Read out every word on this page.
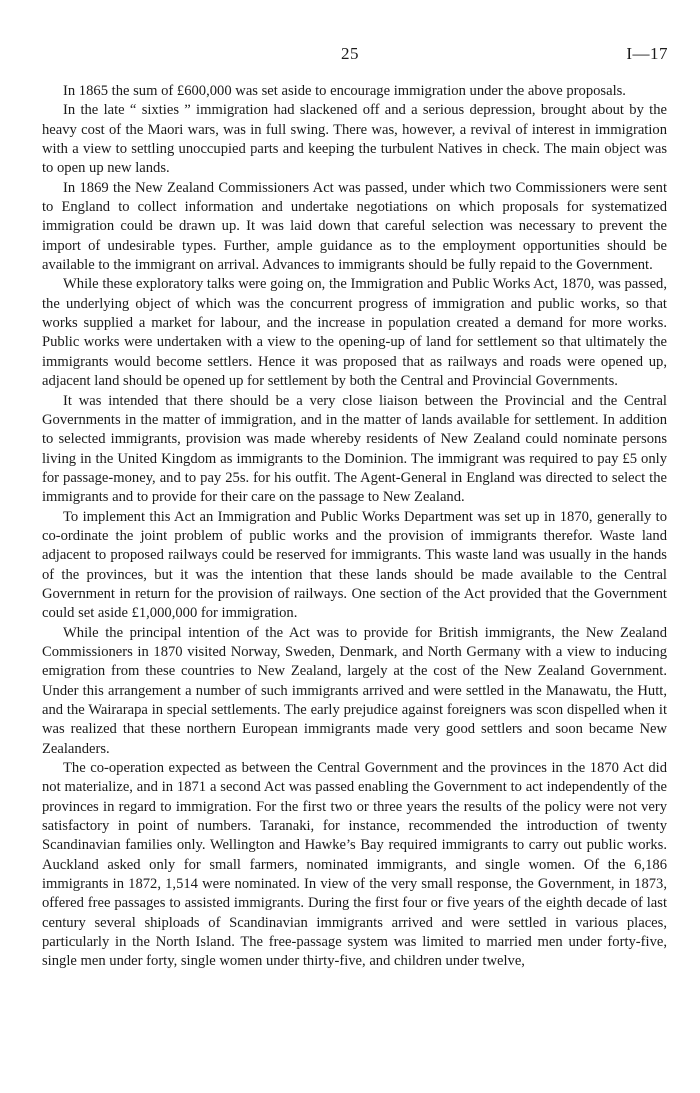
25	I—17

In 1865 the sum of £600,000 was set aside to encourage immigration under the above proposals.

In the late “ sixties ” immigration had slackened off and a serious depression, brought about by the heavy cost of the Maori wars, was in full swing. There was, however, a revival of interest in immigration with a view to settling unoccupied parts and keeping the turbulent Natives in check. The main object was to open up new lands.

In 1869 the New Zealand Commissioners Act was passed, under which two Commissioners were sent to England to collect information and undertake negotiations on which proposals for systematized immigration could be drawn up. It was laid down that careful selection was necessary to prevent the import of undesirable types. Further, ample guidance as to the employment opportunities should be available to the immigrant on arrival. Advances to immigrants should be fully repaid to the Government.

While these exploratory talks were going on, the Immigration and Public Works Act, 1870, was passed, the underlying object of which was the concurrent progress of immigration and public works, so that works supplied a market for labour, and the increase in population created a demand for more works. Public works were undertaken with a view to the opening-up of land for settlement so that ultimately the immigrants would become settlers. Hence it was proposed that as railways and roads were opened up, adjacent land should be opened up for settlement by both the Central and Provincial Governments.

It was intended that there should be a very close liaison between the Provincial and the Central Governments in the matter of immigration, and in the matter of lands available for settlement. In addition to selected immigrants, provision was made whereby residents of New Zealand could nominate persons living in the United Kingdom as immigrants to the Dominion. The immigrant was required to pay £5 only for passage-money, and to pay 25s. for his outfit. The Agent-General in England was directed to select the immigrants and to provide for their care on the passage to New Zealand.

To implement this Act an Immigration and Public Works Department was set up in 1870, generally to co-ordinate the joint problem of public works and the provision of immigrants therefor. Waste land adjacent to proposed railways could be reserved for immigrants. This waste land was usually in the hands of the provinces, but it was the intention that these lands should be made available to the Central Government in return for the provision of railways. One section of the Act provided that the Government could set aside £1,000,000 for immigration.

While the principal intention of the Act was to provide for British immigrants, the New Zealand Commissioners in 1870 visited Norway, Sweden, Denmark, and North Germany with a view to inducing emigration from these countries to New Zealand, largely at the cost of the New Zealand Government. Under this arrangement a number of such immigrants arrived and were settled in the Manawatu, the Hutt, and the Wairarapa in special settlements. The early prejudice against foreigners was scon dispelled when it was realized that these northern European immigrants made very good settlers and soon became New Zealanders.

The co-operation expected as between the Central Government and the provinces in the 1870 Act did not materialize, and in 1871 a second Act was passed enabling the Government to act independently of the provinces in regard to immigration. For the first two or three years the results of the policy were not very satisfactory in point of numbers. Taranaki, for instance, recommended the introduction of twenty Scandinavian families only. Wellington and Hawke’s Bay required immigrants to carry out public works. Auckland asked only for small farmers, nominated immigrants, and single women. Of the 6,186 immigrants in 1872, 1,514 were nominated. In view of the very small response, the Government, in 1873, offered free passages to assisted immigrants. During the first four or five years of the eighth decade of last century several shiploads of Scandinavian immigrants arrived and were settled in various places, particularly in the North Island. The free-passage system was limited to married men under forty-five, single men under forty, single women under thirty-five, and children under twelve,
